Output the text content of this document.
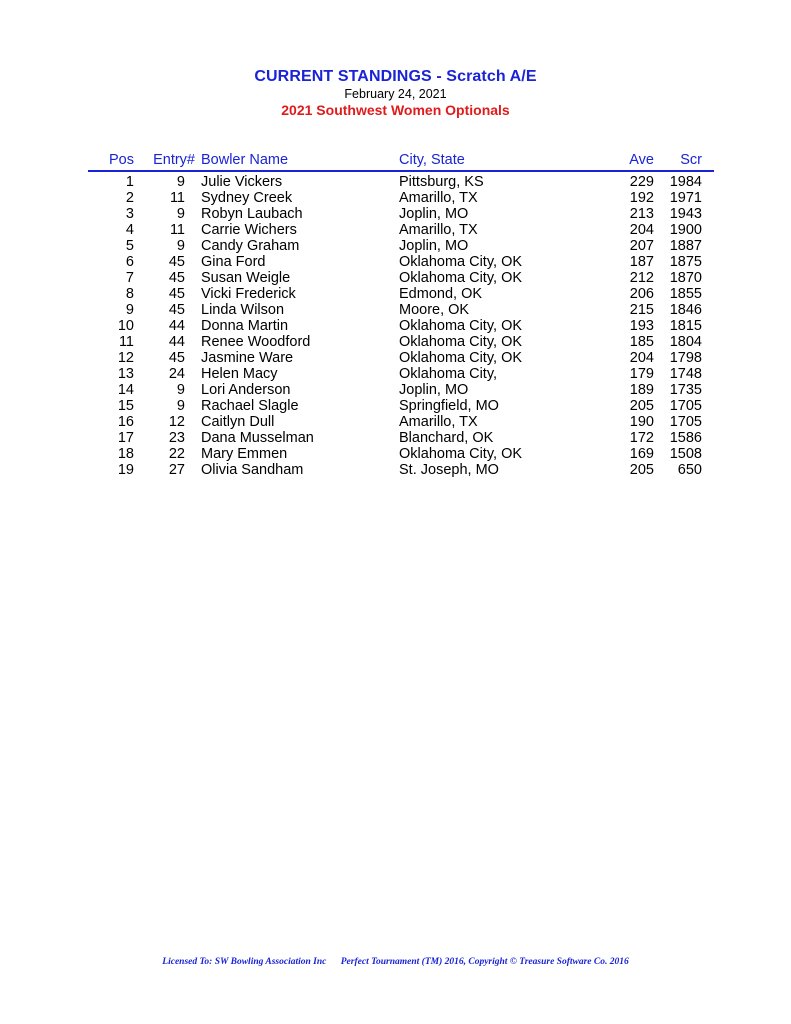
CURRENT STANDINGS - Scratch A/E
February 24, 2021
2021 Southwest Women Optionals
Pos Entry# Bowler Name	City, State	Ave Scr
1	9 Julie Vickers	Pittsburg, KS	229 1984
2 11 Sydney Creek	Amarillo, TX	192 1971
3	9 Robyn Laubach	Joplin, MO	213 1943
4 11 Carrie Wichers	Amarillo, TX	204 1900
5	9 Candy Graham	Joplin, MO	207 1887
6 45 Gina Ford	Oklahoma City, OK	187 1875
7 45 Susan Weigle	Oklahoma City, OK	212 1870
8 45 Vicki Frederick	Edmond, OK	206 1855
9 45 Linda Wilson	Moore, OK	215 1846
10 44 Donna Martin	Oklahoma City, OK	193 1815
11 44 Renee Woodford	Oklahoma City, OK	185 1804
12 45 Jasmine Ware	Oklahoma City, OK	204 1798
13 24 Helen Macy	Oklahoma City,	179 1748
14	9 Lori Anderson	Joplin, MO	189 1735
15	9 Rachael Slagle	Springfield, MO	205 1705
16 12 Caitlyn Dull	Amarillo, TX	190 1705
17 23 Dana Musselman	Blanchard, OK	172 1586
18 22 Mary Emmen	Oklahoma City, OK	169 1508
19 27 Olivia Sandham	St. Joseph, MO	205 650
Licensed To: SW Bowling Association Inc Perfect Tournament (TM) 2016, Copyright © Treasure Software Co. 2016
